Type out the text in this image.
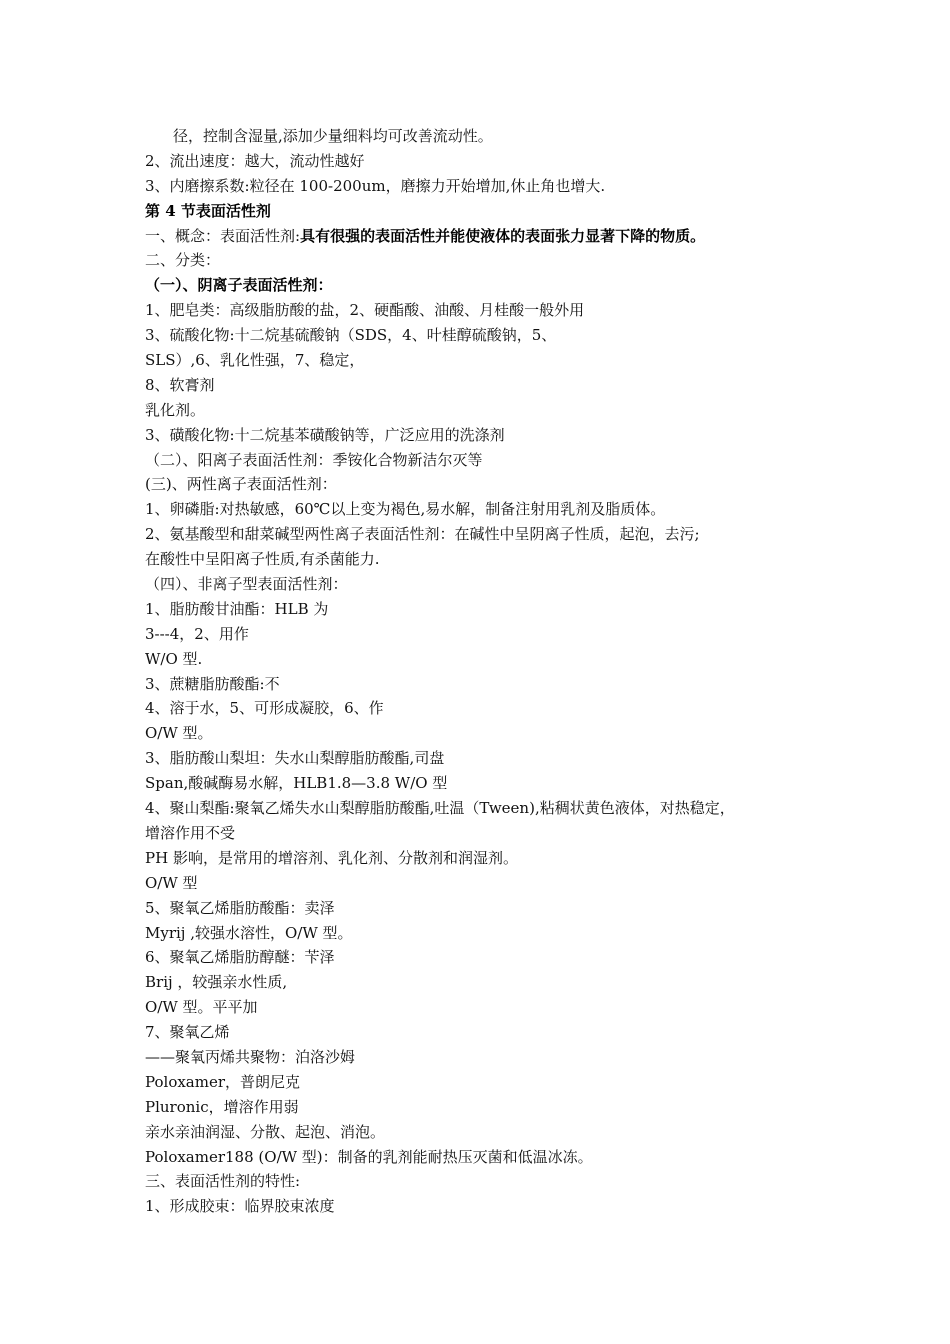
径，控制含湿量,添加少量细料均可改善流动性。
2、流出速度：越大，流动性越好
3、内磨擦系数:粒径在 100-200um，磨擦力开始增加,休止角也增大.
第 4 节表面活性剂
一、概念：表面活性剂:具有很强的表面活性并能使液体的表面张力显著下降的物质。
二、分类：
（一）、阴离子表面活性剂：
1、肥皂类：高级脂肪酸的盐，2、硬酯酸、油酸、月桂酸一般外用
3、硫酸化物:十二烷基硫酸钠（SDS，4、叶桂醇硫酸钠，5、
SLS）,6、乳化性强，7、稳定，
8、软膏剂
乳化剂。
3、磺酸化物:十二烷基苯磺酸钠等，广泛应用的洗涤剂
（二）、阳离子表面活性剂：季铵化合物新洁尔灭等
(三)、两性离子表面活性剂：
1、卵磷脂:对热敏感，60℃以上变为褐色,易水解，制备注射用乳剂及脂质体。
2、氨基酸型和甜菜碱型两性离子表面活性剂：在碱性中呈阴离子性质，起泡，去污;
在酸性中呈阳离子性质,有杀菌能力.
（四）、非离子型表面活性剂：
1、脂肪酸甘油酯：HLB 为
3---4，2、用作
W/O 型.
3、蔗糖脂肪酸酯:不
4、溶于水，5、可形成凝胶，6、作
O/W 型。
3、脂肪酸山梨坦：失水山梨醇脂肪酸酯,司盘
Span,酸碱酶易水解，HLB1.8—3.8 W/O 型
4、聚山梨酯:聚氧乙烯失水山梨醇脂肪酸酯,吐温（Tween),粘稠状黄色液体，对热稳定，
增溶作用不受
PH 影响，是常用的增溶剂、乳化剂、分散剂和润湿剂。
O/W 型
5、聚氧乙烯脂肪酸酯：卖泽
Myrij ,较强水溶性，O/W 型。
6、聚氧乙烯脂肪醇醚：苄泽
Brij ，较强亲水性质,
O/W 型。平平加
7、聚氧乙烯
——聚氧丙烯共聚物：泊洛沙姆
Poloxamer，普朗尼克
Pluronic，增溶作用弱
亲水亲油润湿、分散、起泡、消泡。
Poloxamer188 (O/W 型)：制备的乳剂能耐热压灭菌和低温冰冻。
三、表面活性剂的特性:
1、形成胶束：临界胶束浓度
